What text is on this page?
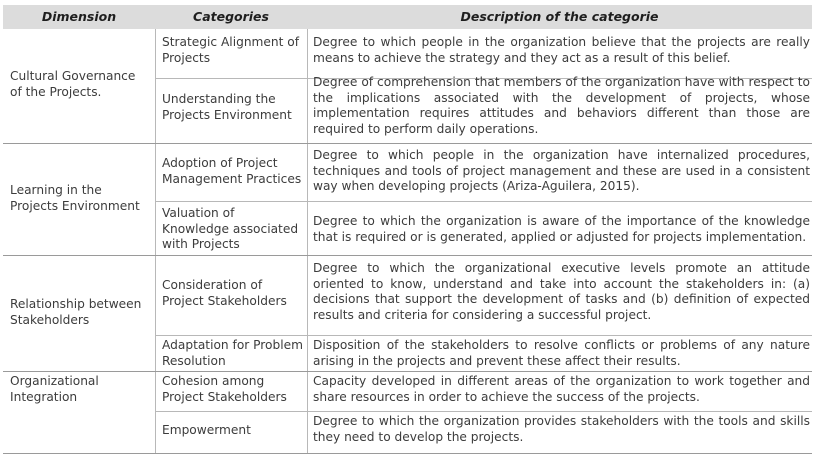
Dimension	Categories	Description of the categorie
Cultural Governance of the Projects.
Strategic Alignment of Projects
Degree to which people in the organization believe that the projects are really means to achieve the strategy and they act as a result of this belief.
Understanding the Projects Environment
Degree of comprehension that members of the organization have with respect to the implications associated with the development of projects, whose implementation requires attitudes and behaviors different than those are required to perform daily operations.
Learning in the Projects Environment
Adoption of Project Management Practices
Degree to which people in the organization have internalized procedures, techniques and tools of project management and these are used in a consistent way when developing projects (Ariza-Aguilera, 2015).
Valuation of Knowledge associated with Projects
Degree to which the organization is aware of the importance of the knowledge that is required or is generated, applied or adjusted for projects implementation.
Relationship between Stakeholders
Consideration of Project Stakeholders
Degree to which the organizational executive levels promote an attitude oriented to know, understand and take into account the stakeholders in: (a) decisions that support the development of tasks and (b) definition of expected results and criteria for considering a successful project.
Adaptation for Problem Resolution
Disposition of the stakeholders to resolve conflicts or problems of any nature arising in the projects and prevent these affect their results.
Organizational Integration
Cohesion among Project Stakeholders
Capacity developed in different areas of the organization to work together and share resources in order to achieve the success of the projects.
Empowerment
Degree to which the organization provides stakeholders with the tools and skills they need to develop the projects.
